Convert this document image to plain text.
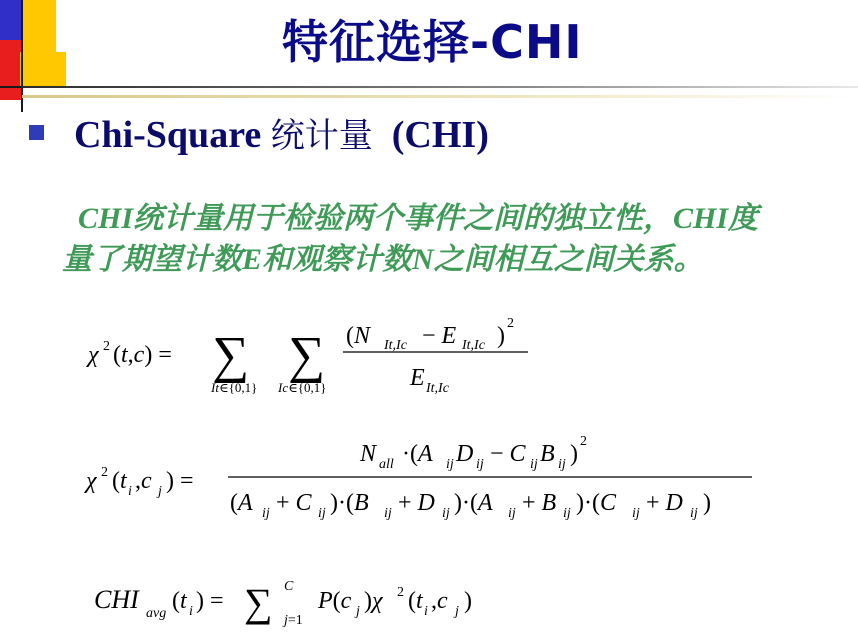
特征选择-CHI
Chi-Square 统计量 (CHI)
CHI统计量用于检验两个事件之间的独立性，CHI度
量了期望计数E和观察计数N之间相互之间关系。
χ 2 (t,c) = ∑ ∑
It∈{0,1} Ic∈{0,1}
(N It,Ic − E It,Ic ) 2
E It,Ic
χ 2 (t i ,c j ) =
N all ·(A ij D ij − C ij B ij ) 2
(A ij + C ij )·(B ij + D ij )·(A ij + B ij )·(C ij + D ij )
CHI avg (t i ) = ∑ C
j=1
P(c j )χ 2 (t i ,c j )
